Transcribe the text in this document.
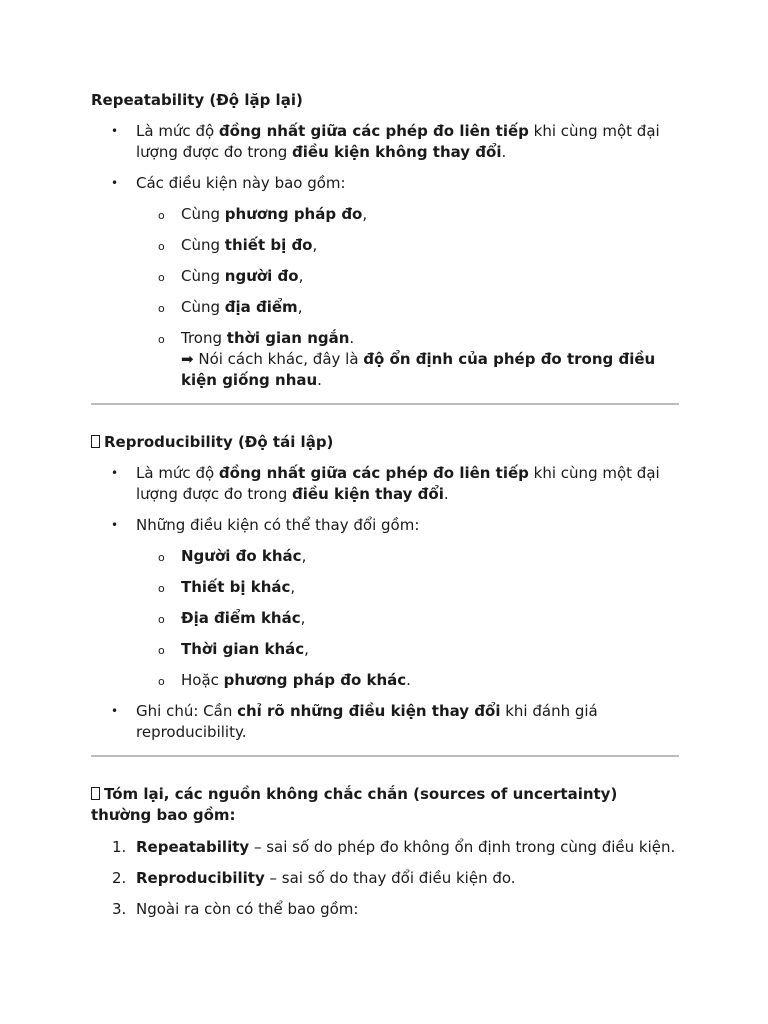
Repeatability (Độ lặp lại)

• Là mức độ đồng nhất giữa các phép đo liên tiếp khi cùng một đại lượng được đo trong điều kiện không thay đổi.
• Các điều kiện này bao gồm:
o Cùng phương pháp đo,
o Cùng thiết bị đo,
o Cùng người đo,
o Cùng địa điểm,
o Trong thời gian ngắn.
➡ Nói cách khác, đây là độ ổn định của phép đo trong điều kiện giống nhau.

Reproducibility (Độ tái lập)

• Là mức độ đồng nhất giữa các phép đo liên tiếp khi cùng một đại lượng được đo trong điều kiện thay đổi.
• Những điều kiện có thể thay đổi gồm:
o Người đo khác,
o Thiết bị khác,
o Địa điểm khác,
o Thời gian khác,
o Hoặc phương pháp đo khác.
• Ghi chú: Cần chỉ rõ những điều kiện thay đổi khi đánh giá reproducibility.

Tóm lại, các nguồn không chắc chắn (sources of uncertainty) thường bao gồm:

1. Repeatability – sai số do phép đo không ổn định trong cùng điều kiện.
2. Reproducibility – sai số do thay đổi điều kiện đo.
3. Ngoài ra còn có thể bao gồm:
